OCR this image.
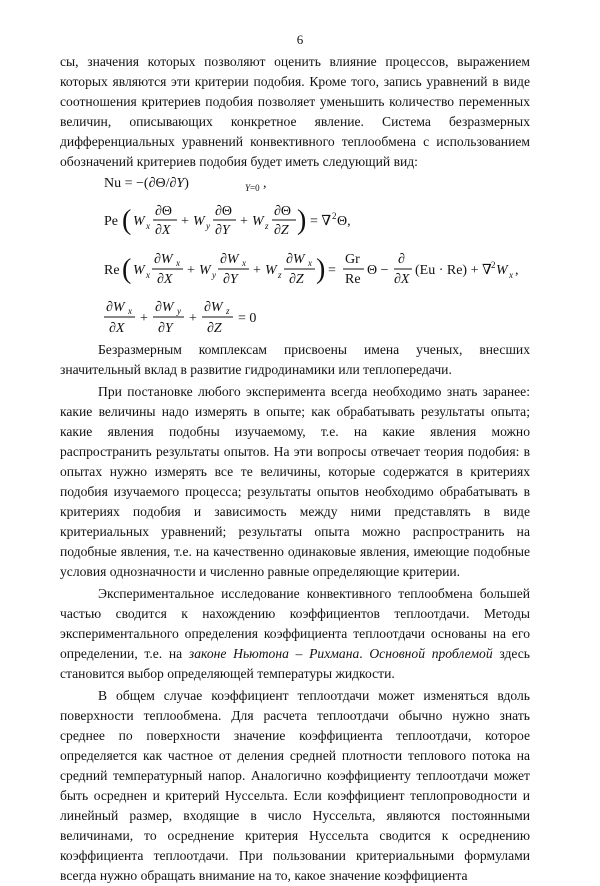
6

сы, значения которых позволяют оценить влияние процессов, выражением которых являются эти критерии подобия. Кроме того, запись уравнений в виде соотношения критериев подобия позволяет уменьшить количество переменных величин, описывающих конкретное явление. Система безразмерных дифференциальных уравнений конвективного теплообмена с использованием обозначений критериев подобия будет иметь следующий вид:

Nu = −(∂Θ/∂Y)	Y=0 ,
Pe ( W x
∂Θ
∂X
+ W y
∂Θ
∂Y
+ W z
∂Θ
∂Z ) = ∇ 2 Θ,
Re ( W x
∂W x
∂X
+ W y
∂W x
∂Y
+ W z
∂W x
∂Z ) =
Gr
Re
Θ −
∂
∂X
(Eu · Re) + ∇ 2 W x ,
∂W x
∂X
+
∂W y
∂Y
+
∂W z
∂Z
= 0

Безразмерным комплексам присвоены имена ученых, внесших значительный вклад в развитие гидродинамики или теплопередачи.

При постановке любого эксперимента всегда необходимо знать заранее: какие величины надо измерять в опыте; как обрабатывать результаты опыта; какие явления подобны изучаемому, т.е. на какие явления можно распространить результаты опытов. На эти вопросы отвечает теория подобия: в опытах нужно измерять все те величины, которые содержатся в критериях подобия изучаемого процесса; результаты опытов необходимо обрабатывать в критериях подобия и зависимость между ними представлять в виде критериальных уравнений; результаты опыта можно распространить на подобные явления, т.е. на качественно одинаковые явления, имеющие подобные условия однозначности и численно равные определяющие критерии.

Экспериментальное исследование конвективного теплообмена большей частью сводится к нахождению коэффициентов теплоотдачи. Методы экспериментального определения коэффициента теплоотдачи основаны на его определении, т.е. на законе Ньютона – Рихмана. Основной проблемой здесь становится выбор определяющей температуры жидкости.

В общем случае коэффициент теплоотдачи может изменяться вдоль поверхности теплообмена. Для расчета теплоотдачи обычно нужно знать среднее по поверхности значение коэффициента теплоотдачи, которое определяется как частное от деления средней плотности теплового потока на средний температурный напор. Аналогично коэффициенту теплоотдачи может быть осреднен и критерий Нуссельта. Если коэффициент теплопроводности и линейный размер, входящие в число Нуссельта, являются постоянными величинами, то осреднение критерия Нуссельта сводится к осреднению коэффициента теплоотдачи. При пользовании критериальными формулами всегда нужно обращать внимание на то, какое значение коэффициента
